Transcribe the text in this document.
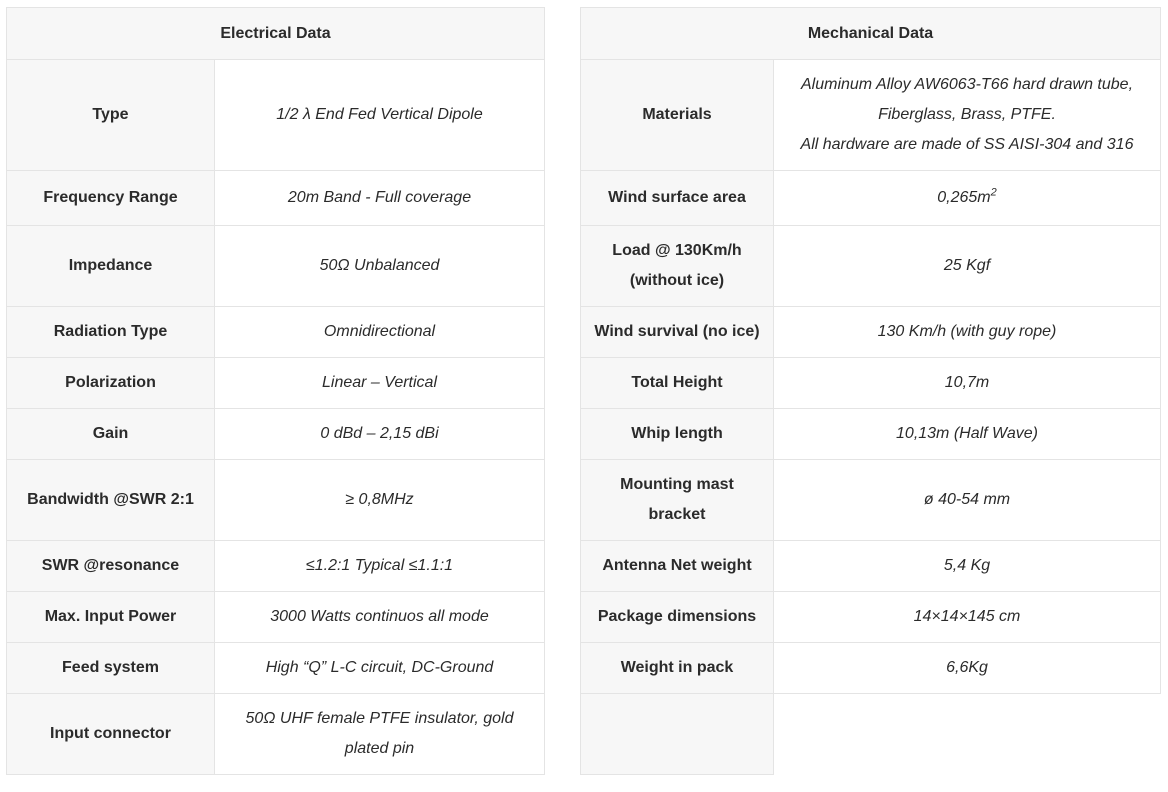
Electrical Data	
Type	1/2 λ End Fed Vertical Dipole
Frequency Range	20m Band - Full coverage
Impedance	50Ω Unbalanced
Radiation Type	Omnidirectional
Polarization	Linear – Vertical
Gain	0 dBd – 2,15 dBi
Bandwidth @SWR 2:1	≥ 0,8MHz
SWR @resonance	≤1.2:1 Typical ≤1.1:1
Max. Input Power	3000 Watts continuos all mode
Feed system	High “Q” L-C circuit, DC-Ground
Input connector	50Ω UHF female PTFE insulator, gold plated pin
Mechanical Data	
Materials	Aluminum Alloy AW6063-T66 hard drawn tube, Fiberglass, Brass, PTFE.
All hardware are made of SS AISI-304 and 316

Wind surface area	$0,265m^2$
Load @ 130Km/h (without ice)	25 Kgf
Wind survival (no ice)	130 Km/h (with guy rope)
Total Height	10,7m
Whip length	10,13m (Half Wave)
Mounting mast bracket	ø 40-54 mm
Antenna Net weight	5,4 Kg
Package dimensions	14×14×145 cm
Weight in pack	6,6Kg
